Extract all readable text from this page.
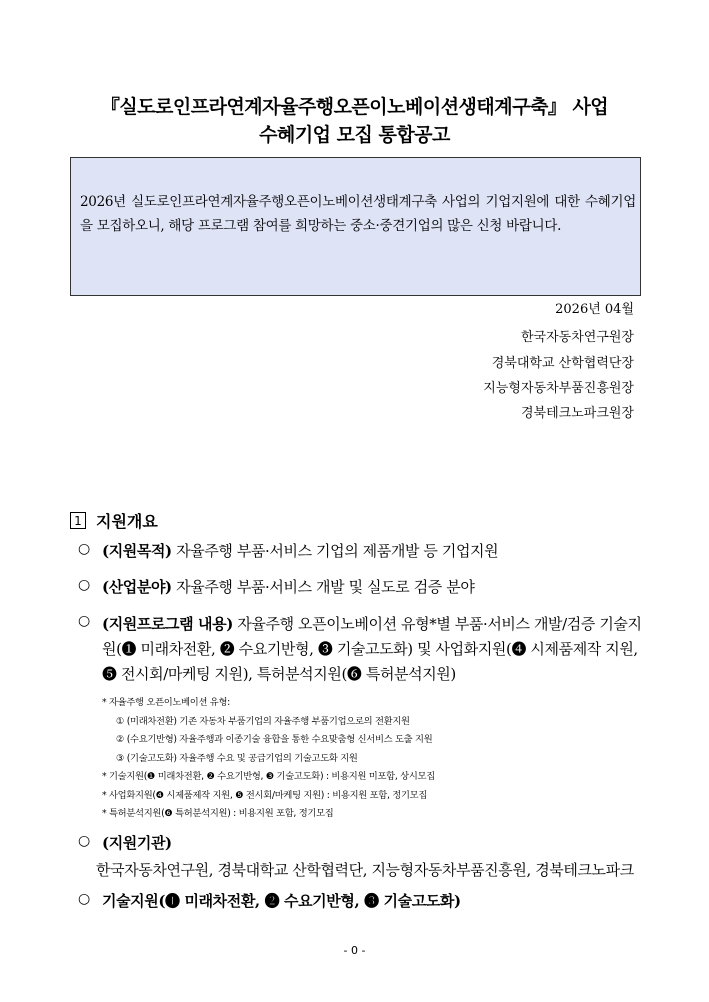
『실도로인프라연계자율주행오픈이노베이션생태계구축』 사업
수혜기업 모집 통합공고
2026년 실도로인프라연계자율주행오픈이노베이션생태계구축 사업의 기업지원에 대한 수혜기업을 모집하오니, 해당 프로그램 참여를 희망하는 중소·중견기업의 많은 신청 바랍니다.
2026년 04월
한국자동차연구원장
경북대학교 산학협력단장
지능형자동차부품진흥원장
경북테크노파크원장
1 지원개요
○ (지원목적) 자율주행 부품·서비스 기업의 제품개발 등 기업지원
○ (산업분야) 자율주행 부품·서비스 개발 및 실도로 검증 분야
○ (지원프로그램 내용) 자율주행 오픈이노베이션 유형*별 부품·서비스 개발/검증 기술지원(❶ 미래차전환, ❷ 수요기반형, ❸ 기술고도화) 및 사업화지원(❹ 시제품제작 지원, ❺ 전시회/마케팅 지원), 특허분석지원(❻ 특허분석지원)
* 자율주행 오픈이노베이션 유형:
① (미래차전환) 기존 자동차 부품기업의 자율주행 부품기업으로의 전환지원
② (수요기반형) 자율주행과 이종기술 융합을 통한 수요맞춤형 신서비스 도출 지원
③ (기술고도화) 자율주행 수요 및 공급기업의 기술고도화 지원
* 기술지원(❶ 미래차전환, ❷ 수요기반형, ❸ 기술고도화) : 비용지원 미포함, 상시모집
* 사업화지원(❹ 시제품제작 지원, ❺ 전시회/마케팅 지원) : 비용지원 포함, 정기모집
* 특허분석지원(❻ 특허분석지원) : 비용지원 포함, 정기모집
○ (지원기관)
한국자동차연구원, 경북대학교 산학협력단, 지능형자동차부품진흥원, 경북테크노파크
○ 기술지원(❶ 미래차전환, ❷ 수요기반형, ❸ 기술고도화)
- 0 -
